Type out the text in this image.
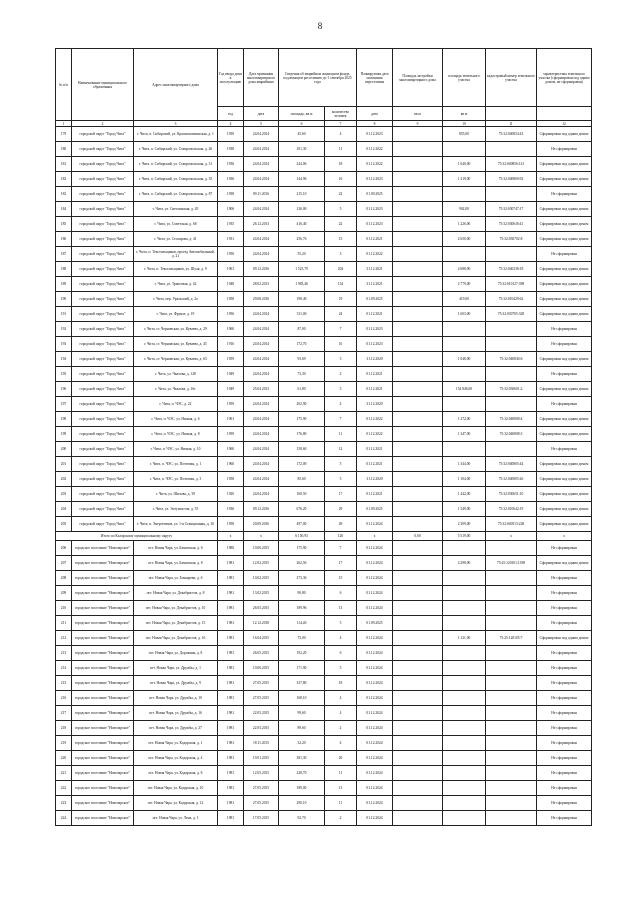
8
№ п/п	Наименование муниципального образования	Адрес многоквартирного дома	Год ввода дома в эксплуатацию	Дата признания многоквартирного дома аварийным	Сведения об аварийном жилищном фонде, подлежащем расселению до 1 сентября 2025 года		Планируемая дата окончания переселения	Площадь застройки многоквартирного дома	площадь земельного участка	кадастровый номер земельного участка	характеристика земельного участка (сформирован под одним домом, не сформирован)
			год	дата	площадь, кв.м	количество человек	дата	кв.м	кв.м		
1	2	3	4	5	6	7	8	9	10	11	12
179	городской округ "Город Чита"	г. Чита, п. Сибирский, ул. Красноказачинская, д. 1	1939	24.04.2014	45,60	4	01.12.2023		855,00	75:32:040854:43	Сформирован под одним домом
180	городской округ "Город Чита"	г. Чита, п. Сибирский, ул. Ставропольская, д. 26	1938	24.04.2014	101,30	11	01.12.2022				Не сформирован
181	городской округ "Город Чита"	г. Чита, п. Сибирский, ул. Ставропольская, д. 31	1936	24.04.2014	244,06	18	01.12.2022		1 640,00	75:32:040856:141	Сформирован под одним домом
182	городской округ "Город Чита"	г. Чита, п. Сибирский, ул. Ставропольская, д. 35	1936	24.04.2014	144,96	16	01.12.2023		1 219,00	75:32:040860:92	Сформирован под одним домом
183	городской округ "Город Чита"	г. Чита, п. Сибирский, ул. Ставропольская, д. 87	1938	09.11.2016	215,10	22	01.09.2025				Не сформирован
184	городской округ "Город Чита"	г. Чита, ул. Светлинская, д. 45	1906	24.04.2014	126,00	5	01.12.2023		902,00	75:32:030747:17	Сформирован под одним домом
185	городской округ "Город Чита"	г. Чита, ул. Советская, д. 68	1935	26.12.2013	416,40	22	01.12.2023		1 226,00	75:32:030630:41	Сформирован под одним домом
186	городской округ "Город Чита"	г. Чита, ул. Столярова, д. 41	1931	24.04.2014	256,76	15	01.12.2021		2 650,00	75:32:030702:8	Сформирован под одним домом
187	городской округ "Город Чита"	г. Чита, п. Текстильщиков, проезд Автомобильный, д. 21	1950	24.04.2014	55,20	3	01.12.2022				Не сформирован
188	городской округ "Город Чита"	г. Чита, п. Текстильщиков, ул. Шуля, д. 9	1961	09.12.2016	1 523,79	204	31.12.2021		4 688,00	75:32:040238:18	Сформирован под одним домом
189	городской округ "Город Чита"	г. Чита, ул. Трактовая, д. 42	1948	28.02.2013	1 983,46	134	31.12.2021		2 779,00	75:32:010127:398	Сформирован под одним домом
190	городской округ "Город Чита"	г. Чита, пер. Уральский, д. 2а	1958	29.08.2016	198,40	19	01.09.2025		419,00	75:32:010429:62	Сформирован под одним домом
191	городской округ "Город Чита"	г. Чита, ул. Фрунзе, д. 19	1956	24.04.2014	311,00	24	01.12.2021		1 603,00	75:32:030705:328	Сформирован под одним домом
192	городской округ "Город Чита"	г. Чита, ст. Черновская, ул. Куваева, д. 29	1960	24.04.2014	87,00	7	01.12.2023				Не сформирован
193	городской округ "Город Чита"	г. Чита, ст. Черновская, ул. Куваева, д. 45	1916	24.04.2014	172,70	10	01.12.2023				Не сформирован
194	городской округ "Город Чита"	г. Чита, ст. Черновская, ул. Куваева, д. 65	1959	24.04.2014	93,69	3	31.12.2020		1 048,00	75:32:040840:6	Сформирован под одним домом
195	городской округ "Город Чита"	г. Чита, ул. Чкалова, д. 128	1949	24.04.2014	73,30	2	01.12.2021				Не сформирован
196	городской округ "Город Чита"	г. Чита, ул. Чкалова, д. 16г	1949	25.04.2013	61,80	3	01.12.2021		154 846,00	75:32:030601:2	Сформирован под одним домом
197	городской округ "Город Чита"	г. Чита, п. ЧЭС, д. 22	1959	24.04.2014	202,90	4	31.12.2020				Не сформирован
198	городской округ "Город Чита"	г. Чита, п. ЧЭС, ул. Низкая, д. 6	1961	24.04.2014	175,90	7	01.12.2022		1 272,00	75:32:040808:4	Сформирован под одним домом
199	городской округ "Город Чита"	г. Чита, п. ЧЭС, ул. Низкая, д. 8	1959	24.04.2014	176,80	11	01.12.2022		1 347,00	75:32:040808:3	Сформирован под одним домом
200	городской округ "Город Чита"	г. Чита, п. ЧЭС, ул. Низкая, д. 10	1960	24.04.2014	158,60	12	01.12.2021				Не сформирован
201	городской округ "Город Чита"	г. Чита, п. ЧЭС, ул. Почтовая, д. 1	1960	24.04.2014	172,00	5	01.12.2021		1 344,00	75:32:040805:44	Сформирован под одним домом
202	городской округ "Город Чита"	г. Чита, п. ЧЭС, ул. Почтовая, д. 3	1958	24.04.2014	85,60	5	31.12.2020		1 104,00	75:32:040805:26	Сформирован под одним домом
203	городской округ "Город Чита"	г. Чита, ул. Шилова, д. 39	1920	24.04.2014	160,50	17	01.12.2021		1 442,00	75:32:030651:10	Сформирован под одним домом
204	городской округ "Город Чита"	г. Чита, ул. Энтузиастов, д. 55	1936	09.12.2016	676,20	29	01.09.2025		1 549,00	75:32:010642:19	Сформирован под одним домом
205	городской округ "Город Чита"	г. Чита, п. Энергетиков, ул. 1-я Станционная, д. 16	1958	20.09.2016	497,00	49	01.12.2024		2 309,00	75:32:040513:228	Сформирован под одним домом
Итого по Каларскому муниципальному округу			x	x	6 150,93	120	x	0,00	5 519,00	x	x
206	городское поселение "Новочарское"	пгт. Новая Чара, ул. Бамовская, д. 6	1980	19.06.2015	175,90	7	01.12.2024				Не сформирован
207	городское поселение "Новочарское"	пгт. Новая Чара, ул. Бамовская, д. 8	1981	12.02.2015	262,56	17	01.12.2024		4 298,00	75:25:120101:1398	Сформирован под одним домом
208	городское поселение "Новочарское"	пгт. Новая Чара, ул. Бочкарева, д. 6	1981	10.02.2015	273,36	15	01.12.2024				Не сформирован
209	городское поселение "Новочарское"	пгт. Новая Чара, ул. Декабристов, д. 8	1981	13.02.2015	90,80	6	01.12.2024				Не сформирован
210	городское поселение "Новочарское"	пгт. Новая Чара, ул. Декабристов, д. 10	1981	26.05.2015	189,96	13	01.12.2024				Не сформирован
211	городское поселение "Новочарское"	пгт. Новая Чара, ул. Декабристов, д. 15	1981	12.12.2018	114,40	5	01.09.2025				Не сформирован
212	городское поселение "Новочарское"	пгт. Новая Чара, ул. Декабристов, д. 16	1981	16.04.2015	73,00	4	01.12.2024		1 121,00	75:25:120105:7	Сформирован под одним домом
213	городское поселение "Новочарское"	пгт. Новая Чара, ул. Дорожная, д. 8	1981	26.05.2015	192,20	6	01.12.2024				Не сформирован
214	городское поселение "Новочарское"	пгт. Новая Чара, ул. Дружбы, д. 1	1981	19.06.2015	171,90	5	01.12.2024				Не сформирован
215	городское поселение "Новочарское"	пгт. Новая Чара, ул. Дружбы, д. 9	1981	27.05.2015	337,80	18	01.12.2024				Не сформирован
216	городское поселение "Новочарское"	пгт. Новая Чара, ул. Дружбы, д. 10	1981	27.05.2015	168,10	4	01.12.2024				Не сформирован
217	городское поселение "Новочарское"	пгт. Новая Чара, ул. Дружбы, д. 16	1981	22.05.2015	99,60	4	01.12.2024				Не сформирован
218	городское поселение "Новочарское"	пгт. Новая Чара, ул. Дружбы, д. 27	1981	22.05.2015	89,60	2	01.12.2024				Не сформирован
219	городское поселение "Новочарское"	пгт. Новая Чара, ул. Кодарская, д. 1	1981	18.11.2015	32,20	4	01.12.2024				Не сформирован
220	городское поселение "Новочарское"	пгт. Новая Чара, ул. Кодарская, д. 4	1981	19.01.2015	381,30	20	01.12.2024				Не сформирован
221	городское поселение "Новочарское"	пгт. Новая Чара, ул. Кодарская, д. 8	1981	12.05.2015	228,70	11	01.12.2024				Не сформирован
222	городское поселение "Новочарское"	пгт. Новая Чара, ул. Кодарская, д. 10	1981	27.05.2015	189,00	13	01.12.2024				Не сформирован
223	городское поселение "Новочарское"	пгт. Новая Чара, ул. Кодарская, д. 12	1981	27.05.2015	290,10	11	01.12.2024				Не сформирован
224	городское поселение "Новочарское"	пгт. Новая Чара, ул. Лена, д. 1	1981	17.05.2015	92,70	2	01.12.2024				Не сформирован
